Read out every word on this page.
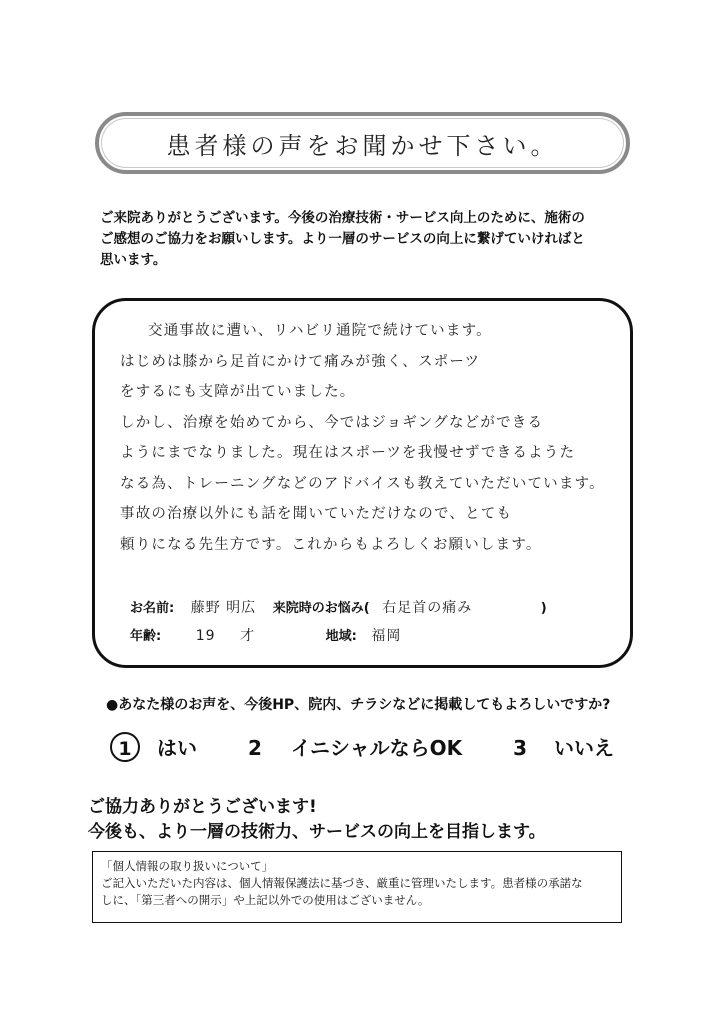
患者様の声をお聞かせ下さい。
ご来院ありがとうございます。今後の治療技術・サービス向上のために、施術の
ご感想のご協力をお願いします。より一層のサービスの向上に繋げていければと
思います。
交通事故に遭い、リハビリ通院で続けています。
はじめは膝から足首にかけて痛みが強く、スポーツ
をするにも支障が出ていました。
しかし、治療を始めてから、今ではジョギングなどができる
ようにまでなりました。現在はスポーツを我慢せずできるようた
なる為、トレーニングなどのアドバイスも教えていただいています。
事故の治療以外にも話を聞いていただけなので、とても
頼りになる先生方です。これからもよろしくお願いします。
お名前: 藤野 明広 来院時のお悩み( 右足首の痛み	)
年齢: 19 才	地域: 福岡
●あなた様のお声を、今後HP、院内、チラシなどに掲載してもよろしいですか?
1 はい	2 イニシャルならOK	3 いいえ
ご協力ありがとうございます!
今後も、より一層の技術力、サービスの向上を目指します。
「個人情報の取り扱いについて」
ご記入いただいた内容は、個人情報保護法に基づき、厳重に管理いたします。患者様の承諾な
しに、「第三者への開示」や上記以外での使用はございません。
